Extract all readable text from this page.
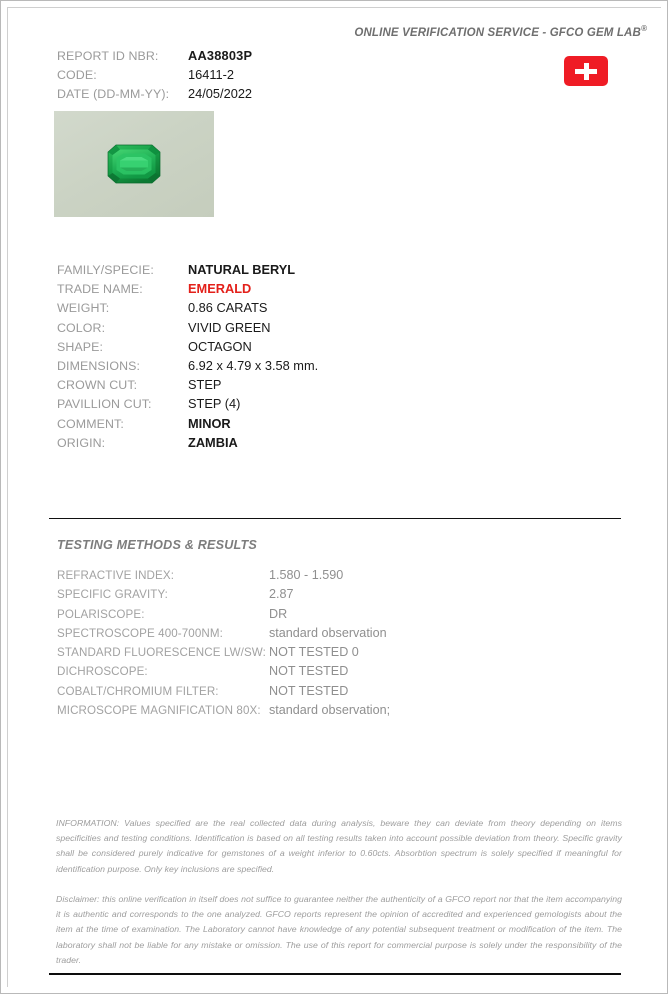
ONLINE VERIFICATION SERVICE - GFCO GEM LAB®
REPORT ID NBR:	AA38803P
CODE:	16411-2
DATE (DD-MM-YY):	24/05/2022
FAMILY/SPECIE:	NATURAL BERYL
TRADE NAME:	EMERALD
WEIGHT:	0.86 CARATS
COLOR:	VIVID GREEN
SHAPE:	OCTAGON
DIMENSIONS:	6.92 x 4.79 x 3.58 mm.
CROWN CUT:	STEP
PAVILLION CUT:	STEP (4)
COMMENT:	MINOR
ORIGIN:	ZAMBIA
TESTING METHODS & RESULTS
REFRACTIVE INDEX:	1.580 - 1.590
SPECIFIC GRAVITY:	2.87
POLARISCOPE:	DR
SPECTROSCOPE 400-700NM:	standard observation
STANDARD FLUORESCENCE LW/SW: NOT TESTED 0
DICHROSCOPE:	NOT TESTED
COBALT/CHROMIUM FILTER:	NOT TESTED
MICROSCOPE MAGNIFICATION 80X: standard observation;
INFORMATION: Values specified are the real collected data during analysis, beware they can deviate from theory depending on items specificities and testing conditions. Identification is based on all testing results taken into account possible deviation from theory. Specific gravity shall be considered purely indicative for gemstones of a weight inferior to 0.60cts. Absorbtion spectrum is solely specified if meaningful for identification purpose. Only key inclusions are specified.
Disclaimer: this online verification in itself does not suffice to guarantee neither the authenticity of a GFCO report nor that the item accompanying it is authentic and corresponds to the one analyzed. GFCO reports represent the opinion of accredited and experienced gemologists about the item at the time of examination. The Laboratory cannot have knowledge of any potential subsequent treatment or modification of the item. The laboratory shall not be liable for any mistake or omission. The use of this report for commercial purpose is solely under the responsibility of the trader.
